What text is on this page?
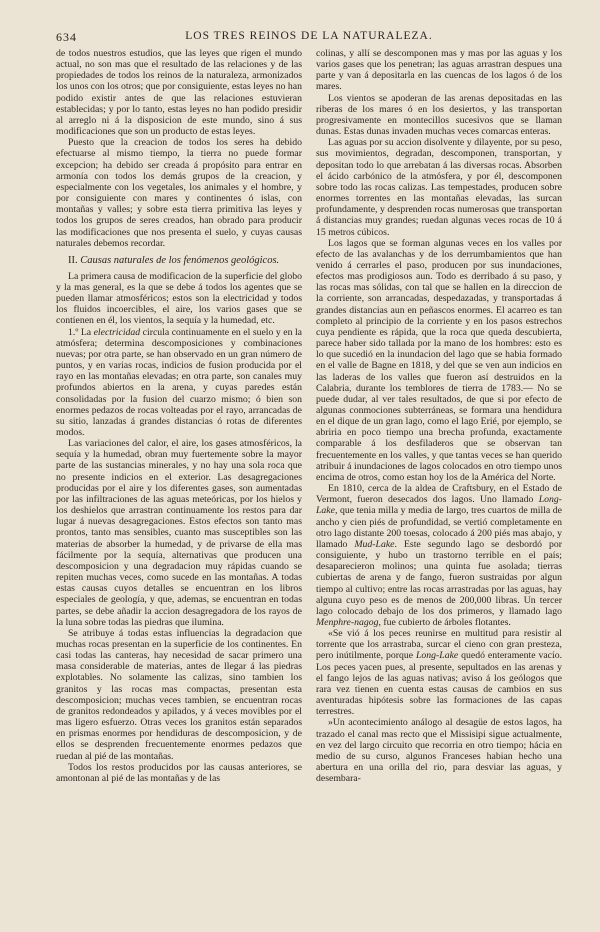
634	LOS TRES REINOS DE LA NATURALEZA.

de todos nuestros estudios, que las leyes que rigen el mundo actual, no son mas que el resultado de las relaciones y de las propiedades de todos los reinos de la naturaleza, armonizados los unos con los otros; que por consiguiente, estas leyes no han podido existir antes de que las relaciones estuvieran establecidas; y por lo tanto, estas leyes no han podido presidir al arreglo ni á la disposicion de este mundo, sino á sus modificaciones que son un producto de estas leyes.

Puesto que la creacion de todos los seres ha debido efectuarse al mismo tiempo, la tierra no puede formar excepcion; ha debido ser creada á propósito para entrar en armonía con todos los demás grupos de la creacion, y especialmente con los vegetales, los animales y el hombre, y por consiguiente con mares y continentes ó islas, con montañas y valles; y sobre esta tierra primitiva las leyes y todos los grupos de seres creados, han obrado para producir las modificaciones que nos presenta el suelo, y cuyas causas naturales debemos recordar.

II. Causas naturales de los fenómenos geológicos.

La primera causa de modificacion de la superficie del globo y la mas general, es la que se debe á todos los agentes que se pueden llamar atmosféricos; estos son la electricidad y todos los fluidos incoercibles, el aire, los varios gases que se contienen en él, los vientos, la sequía y la humedad, etc.

1.º La electricidad circula continuamente en el suelo y en la atmósfera; determina descomposiciones y combinaciones nuevas; por otra parte, se han observado en un gran número de puntos, y en varias rocas, indicios de fusion producida por el rayo en las montañas elevadas; en otra parte, son canales muy profundos abiertos en la arena, y cuyas paredes están consolidadas por la fusion del cuarzo mismo; ó bien son enormes pedazos de rocas volteadas por el rayo, arrancadas de su sitio, lanzadas á grandes distancias ó rotas de diferentes modos.

Las variaciones del calor, el aire, los gases atmosféricos, la sequía y la humedad, obran muy fuertemente sobre la mayor parte de las sustancias minerales, y no hay una sola roca que no presente indicios en el exterior. Las desagregaciones producidas por el aire y los diferentes gases, son aumentadas por las infiltraciones de las aguas meteóricas, por los hielos y los deshielos que arrastran continuamente los restos para dar lugar á nuevas desagregaciones. Estos efectos son tanto mas prontos, tanto mas sensibles, cuanto mas susceptibles son las materias de absorber la humedad, y de privarse de ella mas fácilmente por la sequía, alternativas que producen una descomposicion y una degradacion muy rápidas cuando se repiten muchas veces, como sucede en las montañas. A todas estas causas cuyos detalles se encuentran en los libros especiales de geología, y que, ademas, se encuentran en todas partes, se debe añadir la accion desagregadora de los rayos de la luna sobre todas las piedras que ilumina.

Se atribuye á todas estas influencias la degradacion que muchas rocas presentan en la superficie de los continentes. En casi todas las canteras, hay necesidad de sacar primero una masa considerable de materias, antes de llegar á las piedras explotables. No solamente las calizas, sino tambien los granitos y las rocas mas compactas, presentan esta descomposicion; muchas veces tambien, se encuentran rocas de granitos redondeados y apilados, y á veces movibles por el mas ligero esfuerzo. Otras veces los granitos están separados en prismas enormes por hendiduras de descomposicion, y de ellos se desprenden frecuentemente enormes pedazos que ruedan al pié de las montañas.

Todos los restos producidos por las causas anteriores, se amontonan al pié de las montañas y de las

colinas, y allí se descomponen mas y mas por las aguas y los varios gases que los penetran; las aguas arrastran despues una parte y van á depositarla en las cuencas de los lagos ó de los mares.

Los vientos se apoderan de las arenas depositadas en las riberas de los mares ó en los desiertos, y las transportan progresivamente en montecillos sucesivos que se llaman dunas. Estas dunas invaden muchas veces comarcas enteras.

Las aguas por su accion disolvente y dilayente, por su peso, sus movimientos, degradan, descomponen, transportan, y depositan todo lo que arrebatan á las diversas rocas. Absorben el ácido carbónico de la atmósfera, y por él, descomponen sobre todo las rocas calizas. Las tempestades, producen sobre enormes torrentes en las montañas elevadas, las surcan profundamente, y desprenden rocas numerosas que transportan á distancias muy grandes; ruedan algunas veces rocas de 10 á 15 metros cúbicos.

Los lagos que se forman algunas veces en los valles por efecto de las avalanchas y de los derrumbamientos que han venido á cerrarles el paso, producen por sus inundaciones, efectos mas prodigiosos aun. Todo es derribado á su paso, y las rocas mas sólidas, con tal que se hallen en la direccion de la corriente, son arrancadas, despedazadas, y transportadas á grandes distancias aun en peñascos enormes. El acarreo es tan completo al principio de la corriente y en los pasos estrechos cuya pendiente es rápida, que la roca que queda descubierta, parece haber sido tallada por la mano de los hombres: esto es lo que sucedió en la inundacion del lago que se habia formado en el valle de Bagne en 1818, y del que se ven aun indicios en las laderas de los valles que fueron así destruidos en la Calabria, durante los temblores de tierra de 1783.— No se puede dudar, al ver tales resultados, de que si por efecto de algunas conmociones subterráneas, se formara una hendidura en el dique de un gran lago, como el lago Erié, por ejemplo, se abriria en poco tiempo una brecha profunda, exactamente comparable á los desfiladeros que se observan tan frecuentemente en los valles, y que tantas veces se han querido atribuir á inundaciones de lagos colocados en otro tiempo unos encima de otros, como estan hoy los de la América del Norte.

En 1810, cerca de la aldea de Craftsbury, en el Estado de Vermont, fueron desecados dos lagos. Uno llamado Long-Lake, que tenia milla y media de largo, tres cuartos de milla de ancho y cien piés de profundidad, se vertió completamente en otro lago distante 200 toesas, colocado á 200 piés mas abajo, y llamado Mud-Lake. Este segundo lago se desbordó por consiguiente, y hubo un trastorno terrible en el país; desaparecieron molinos; una quinta fue asolada; tierras cubiertas de arena y de fango, fueron sustraidas por algun tiempo al cultivo; entre las rocas arrastradas por las aguas, hay alguna cuyo peso es de menos de 200,000 libras. Un tercer lago colocado debajo de los dos primeros, y llamado lago Menphre-nagog, fue cubierto de árboles flotantes.

«Se vió á los peces reunirse en multitud para resistir al torrente que los arrastraba, surcar el cieno con gran presteza, pero inútilmente, porque Long-Lake quedó enteramente vacío. Los peces yacen pues, al presente, sepultados en las arenas y el fango lejos de las aguas nativas; aviso á los geólogos que rara vez tienen en cuenta estas causas de cambios en sus aventuradas hipótesis sobre las formaciones de las capas terrestres.

»Un acontecimiento análogo al desagüe de estos lagos, ha trazado el canal mas recto que el Missisipi sigue actualmente, en vez del largo circuito que recorria en otro tiempo; hácia en medio de su curso, algunos Franceses habian hecho una abertura en una orilla del rio, para desviar las aguas, y desembara-
